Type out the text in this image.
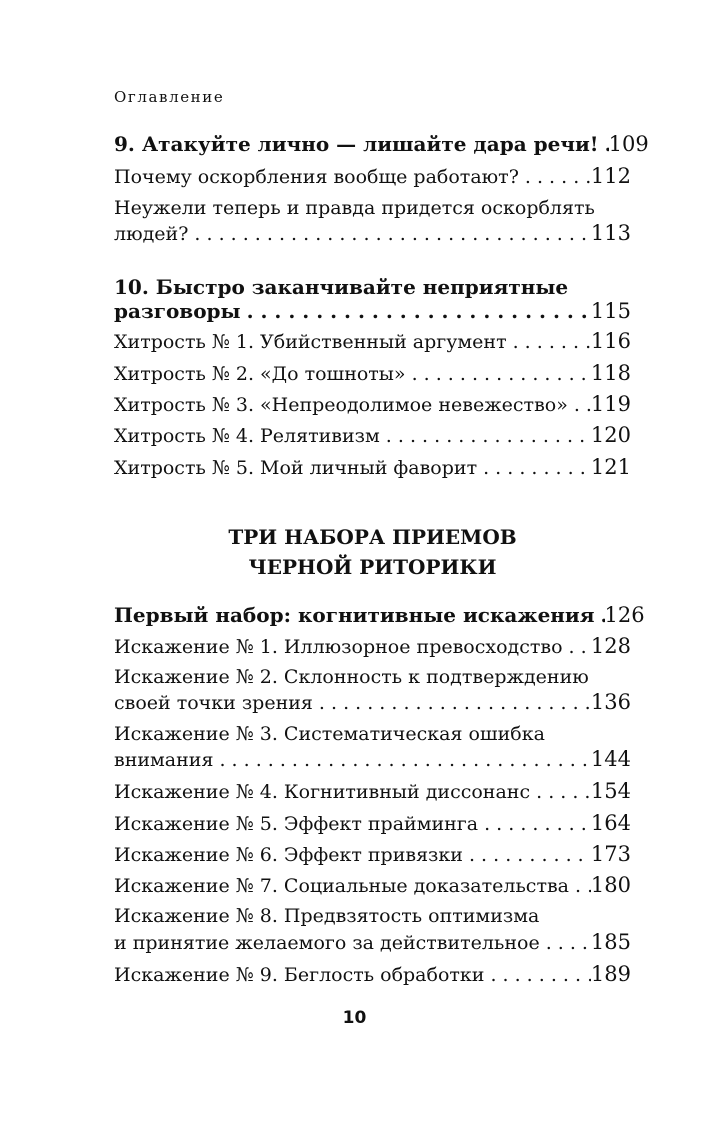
Оглавление
9. Атакуйте лично — лишайте дара речи! . . . 109
Почему оскорбления вообще работают? . . .	112
Неужели теперь и правда придется оскорблять
людей? . . .	113
10. Быстро заканчивайте неприятные
разговоры . . .	115
Хитрость № 1. Убийственный аргумент . . .	116
Хитрость № 2. «До тошноты» . . .	118
Хитрость № 3. «Непреодолимое невежество» . . . 119
Хитрость № 4. Релятивизм . . .	120
Хитрость № 5. Мой личный фаворит . . .	121
ТРИ НАБОРА ПРИЕМОВ
ЧЕРНОЙ РИТОРИКИ
Первый набор: когнитивные искажения . . . 126
Искажение № 1. Иллюзорное превосходство . . . 128
Искажение № 2. Склонность к подтверждению
своей точки зрения . . .	136
Искажение № 3. Систематическая ошибка
внимания . . .	144
Искажение № 4. Когнитивный диссонанс . . .	154
Искажение № 5. Эффект прайминга . . .	164
Искажение № 6. Эффект привязки . . .	173
Искажение № 7. Социальные доказательства . . . 180
Искажение № 8. Предвзятость оптимизма
и принятие желаемого за действительное . . . 185
Искажение № 9. Беглость обработки . . .	189
10
